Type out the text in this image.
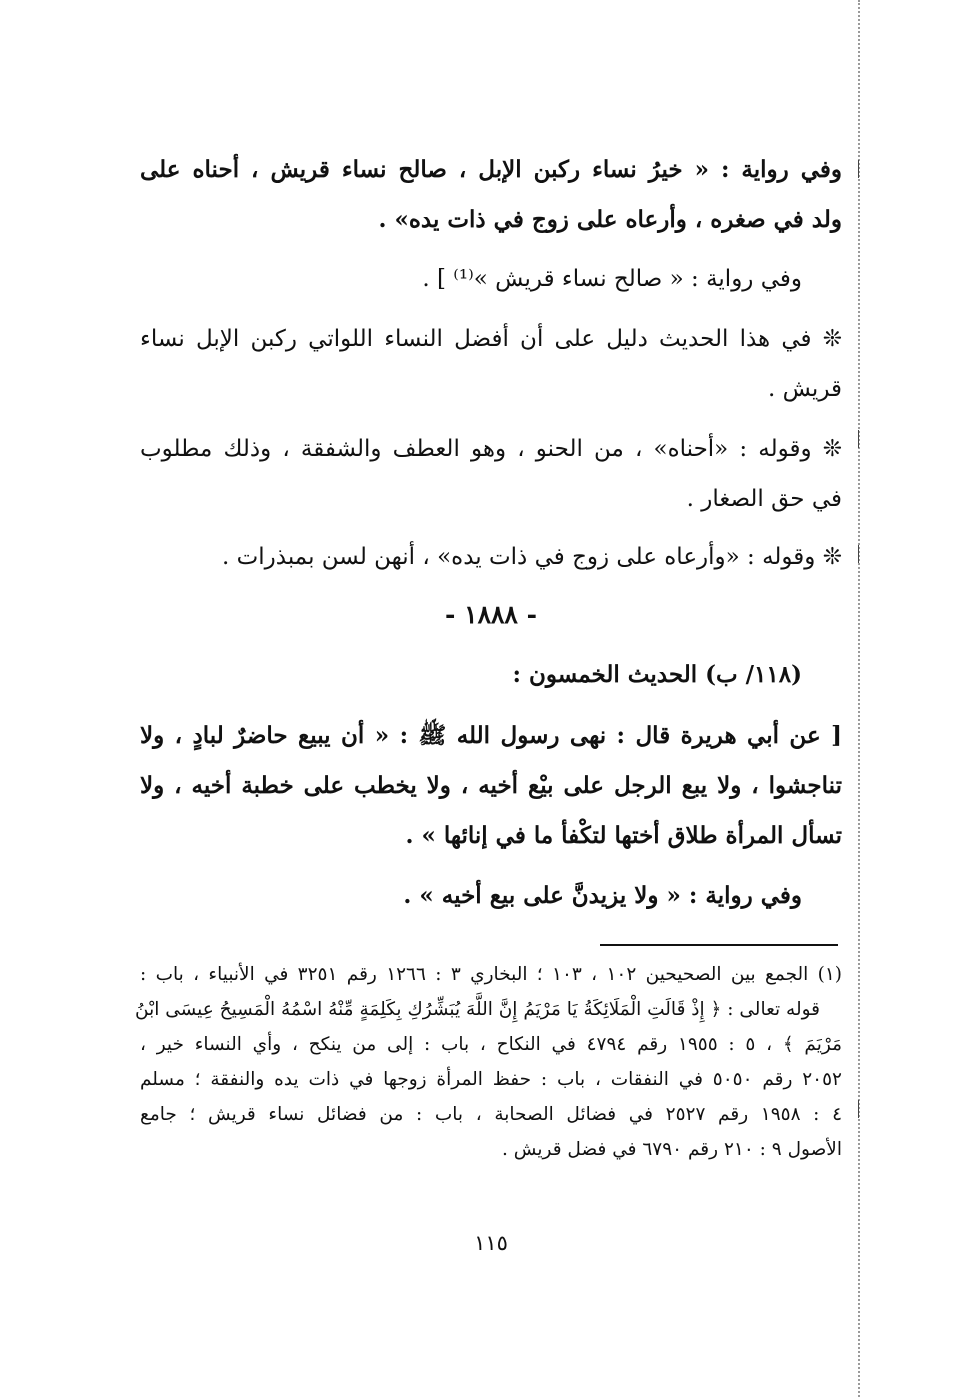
وفي رواية : « خيرُ نساء ركبن الإبل ، صالح نساء قريش ، أحناه على
ولد في صغره ، وأرعاه على زوج في ذات يده» .
وفي رواية : « صالح نساء قريش »⁽¹⁾ ] .
❊ في هذا الحديث دليل على أن أفضل النساء اللواتي ركبن الإبل نساء
قريش .
❊ وقوله : «أحناه» ، من الحنو ، وهو العطف والشفقة ، وذلك مطلوب
في حق الصغار .
❊ وقوله : «وأرعاه على زوج في ذات يده» ، أنهن لسن بمبذرات .
- ١٨٨٨ -
(١١٨/ ب) الحديث الخمسون :
[ عن أبي هريرة قال : نهى رسول الله ﷺ : « أن يبيع حاضرٌ لبادٍ ، ولا
تناجشوا ، ولا يبع الرجل على بيْع أخيه ، ولا يخطب على خطبة أخيه ، ولا
تسأل المرأة طلاق أختها لتكْفأ ما في إنائها » .
وفي رواية : « ولا يزيدنَّ على بيع أخيه » .
(١) الجمع بين الصحيحين ١٠٢ ، ١٠٣ ؛ البخاري ٣ : ١٢٦٦ رقم ٣٢٥١ في الأنبياء ، باب :
قوله تعالى : ﴿ إِذْ قَالَتِ الْمَلَائِكَةُ يَا مَرْيَمُ إِنَّ اللَّهَ يُبَشِّرُكِ بِكَلِمَةٍ مِّنْهُ اسْمُهُ الْمَسِيحُ عِيسَى ابْنُ
مَرْيَمَ ﴾ ، ٥ : ١٩٥٥ رقم ٤٧٩٤ في النكاح ، باب : إلى من ينكح ، وأي النساء خير ،
٢٠٥٢ رقم ٥٠٥٠ في النفقات ، باب : حفظ المرأة زوجها في ذات يده والنفقة ؛ مسلم
٤ : ١٩٥٨ رقم ٢٥٢٧ في فضائل الصحابة ، باب : من فضائل نساء قريش ؛ جامع
الأصول ٩ : ٢١٠ رقم ٦٧٩٠ في فضل قريش .
١١٥
